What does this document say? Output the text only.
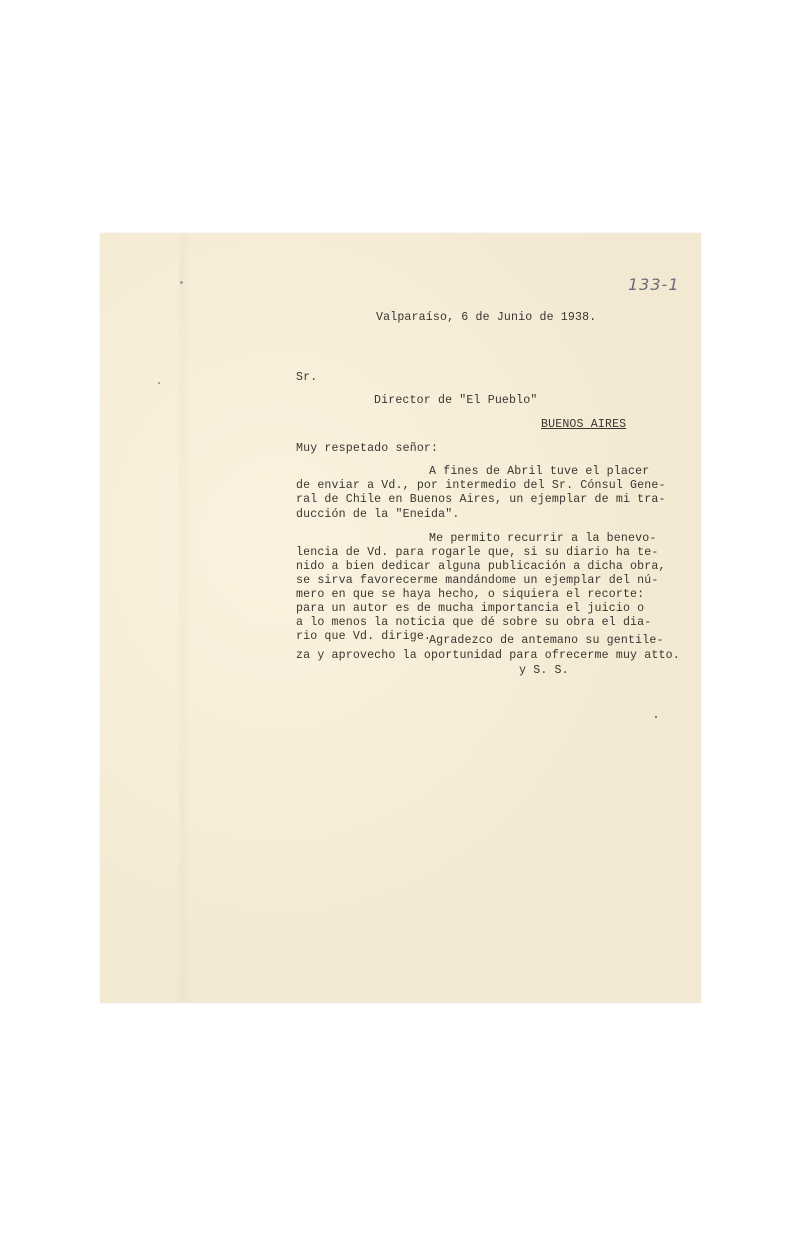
133-1
Valparaíso, 6 de Junio de 1938.
Sr.
Director de "El Pueblo"
BUENOS AIRES
Muy respetado señor:
A fines de Abril tuve el placer
de enviar a Vd., por intermedio del Sr. Cónsul Gene-
ral de Chile en Buenos Aires, un ejemplar de mi tra-
ducción de la "Eneida".
Me permito recurrir a la benevo-
lencia de Vd. para rogarle que, si su diario ha te-
nido a bien dedicar alguna publicación a dicha obra,
se sirva favorecerme mandándome un ejemplar del nú-
mero en que se haya hecho, o siquiera el recorte:
para un autor es de mucha importancia el juicio o
a lo menos la noticia que dé sobre su obra el dia-
rio que Vd. dirige.
Agradezco de antemano su gentile-
za y aprovecho la oportunidad para ofrecerme muy atto.
y S. S.
